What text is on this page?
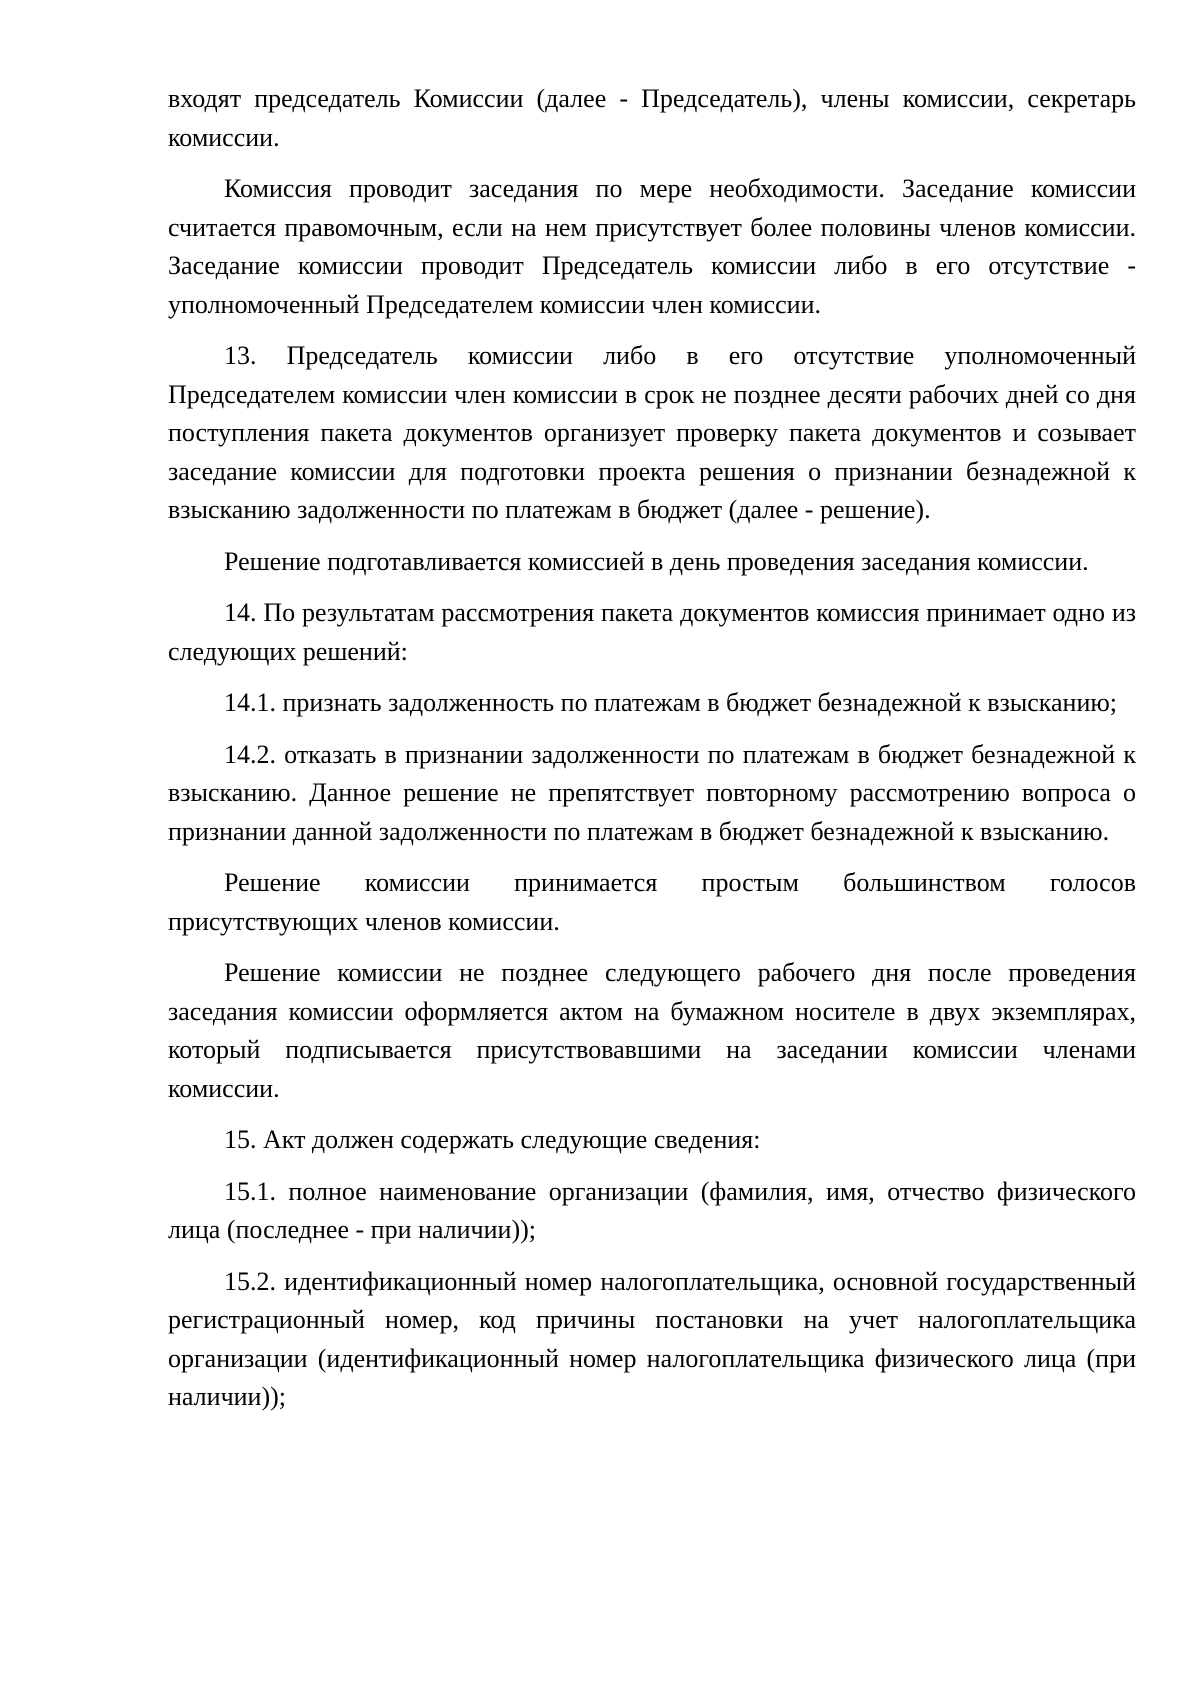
входят председатель Комиссии (далее - Председатель), члены комиссии, секретарь комиссии.

Комиссия проводит заседания по мере необходимости. Заседание комиссии считается правомочным, если на нем присутствует более половины членов комиссии. Заседание комиссии проводит Председатель комиссии либо в его отсутствие - уполномоченный Председателем комиссии член комиссии.

13. Председатель комиссии либо в его отсутствие уполномоченный Председателем комиссии член комиссии в срок не позднее десяти рабочих дней со дня поступления пакета документов организует проверку пакета документов и созывает заседание комиссии для подготовки проекта решения о признании безнадежной к взысканию задолженности по платежам в бюджет (далее - решение).

Решение подготавливается комиссией в день проведения заседания комиссии.

14. По результатам рассмотрения пакета документов комиссия принимает одно из следующих решений:

14.1. признать задолженность по платежам в бюджет безнадежной к взысканию;

14.2. отказать в признании задолженности по платежам в бюджет безнадежной к взысканию. Данное решение не препятствует повторному рассмотрению вопроса о признании данной задолженности по платежам в бюджет безнадежной к взысканию.

Решение комиссии принимается простым большинством голосов присутствующих членов комиссии.

Решение комиссии не позднее следующего рабочего дня после проведения заседания комиссии оформляется актом на бумажном носителе в двух экземплярах, который подписывается присутствовавшими на заседании комиссии членами комиссии.

15. Акт должен содержать следующие сведения:

15.1. полное наименование организации (фамилия, имя, отчество физического лица (последнее - при наличии));

15.2. идентификационный номер налогоплательщика, основной государственный регистрационный номер, код причины постановки на учет налогоплательщика организации (идентификационный номер налогоплательщика физического лица (при наличии));
